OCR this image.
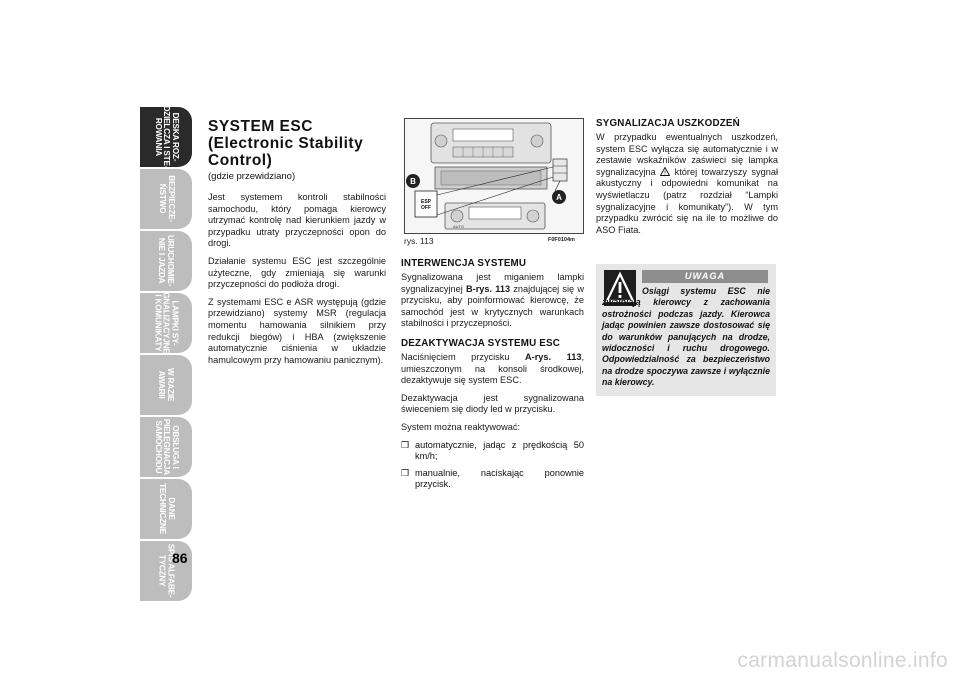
DESKA ROZ-
DZIELCZA I STE-
ROWANIA
BEZPIECZE-
ŃSTWO
URUCHOMIE-
NIE I JAZDA
LAMPKI SY-
GNALIZACYJNE
I KOMUNIKATY
W RAZIE
AWARII
OBSŁUGA I
PIELĘGNACJA
SAMOCHODU
DANE
TECHNICZNE
SPIS ALFABE-
TYCZNY 86
SYSTEM ESC
(Electronic Stability
Control)
(gdzie przewidziano)

Jest systemem kontroli stabilności samochodu, który pomaga kierowcy utrzymać kontrolę nad kierunkiem jazdy w przypadku utraty przyczepności opon do drogi.

Działanie systemu ESC jest szczególnie użyteczne, gdy zmieniają się warunki przyczepności do podłoża drogi.

Z systemami ESC e ASR występują (gdzie przewidziano) systemy MSR (regulacja momentu hamowania silnikiem przy redukcji biegów) i HBA (zwiększenie automatycznie ciśnienia w układzie hamulcowym przy hamowaniu panicznym).

AUTO
ESP
OFF
B
A
rys. 113	F0F0104m
INTERWENCJA SYSTEMU

Sygnalizowana jest miganiem lampki sygnalizacyjnej B-rys. 113 znajdującej się w przycisku, aby poinformować kierowcę, że samochód jest w krytycznych warunkach stabilności i przyczepności.

DEZAKTYWACJA SYSTEMU ESC

Naciśnięciem przycisku A-rys. 113, umieszczonym na konsoli środkowej, dezaktywuje się system ESC.

Dezaktywacja jest sygnalizowana świeceniem się diody led w przycisku.

System można reaktywować:

❒ automatycznie, jadąc z prędkością 50 km/h;
❒ manualnie, naciskając ponownie przycisk.
SYGNALIZACJA USZKODZEŃ

W przypadku ewentualnych uszkodzeń, system ESC wyłącza się automatycznie i w zestawie wskaźników zaświeci się lampka sygnalizacyjna ! której towarzyszy sygnał akustyczny i odpowiedni komunikat na wyświetlaczu (patrz rozdział “Lampki sygnalizacyjne i komunikaty”). W tym przypadku zwrócić się na ile to możliwe do ASO Fiata.

UWAGA

Osiągi systemu ESC nie zwalniają kierowcy z zachowania ostrożności podczas jazdy. Kierowca jadąc powinien zawsze dostosować się do warunków panujących na drodze, widoczności i ruchu drogowego. Odpowiedzialność za bezpieczeństwo na drodze spoczywa zawsze i wyłącznie na kierowcy.

carmanualsonline.info
